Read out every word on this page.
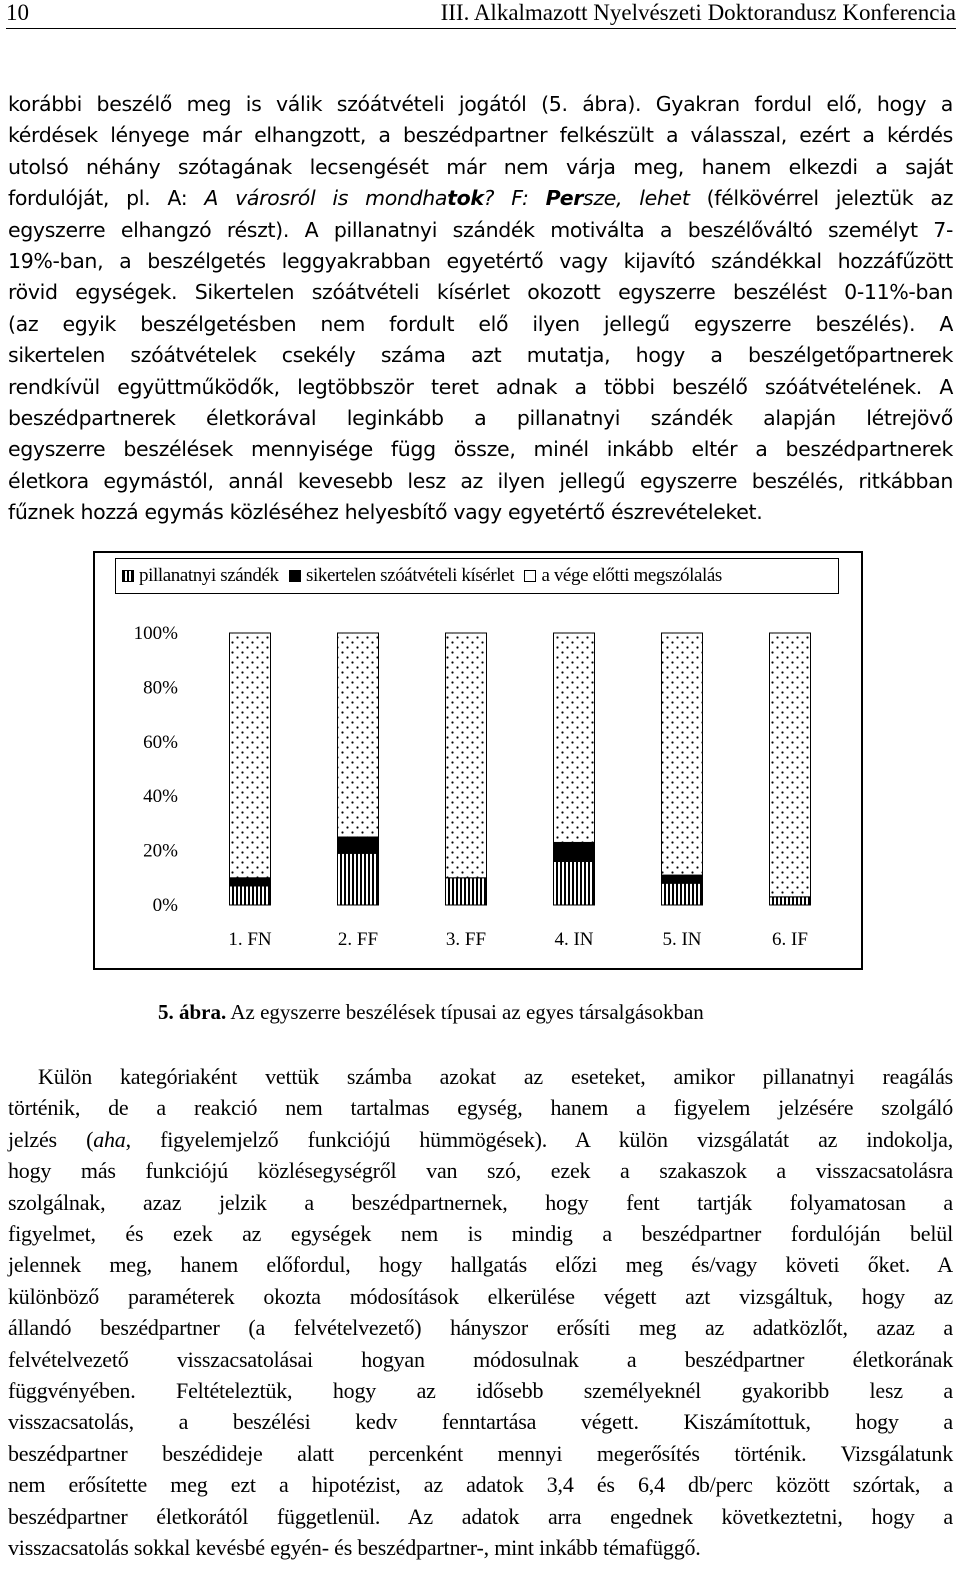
10	III. Alkalmazott Nyelvészeti Doktorandusz Konferencia
korábbi beszélő meg is válik szóátvételi jogától (5. ábra). Gyakran fordul elő, hogy a
kérdések lényege már elhangzott, a beszédpartner felkészült a válasszal, ezért a kérdés
utolsó néhány szótagának lecsengését már nem várja meg, hanem elkezdi a saját
fordulóját, pl. A: A városról is mondhatok? F: Persze, lehet (félkövérrel jeleztük az
egyszerre elhangzó részt). A pillanatnyi szándék motiválta a beszélőváltó személyt 7-
19%-ban, a beszélgetés leggyakrabban egyetértő vagy kijavító szándékkal hozzáfűzött
rövid egységek. Sikertelen szóátvételi kísérlet okozott egyszerre beszélést 0-11%-ban
(az egyik beszélgetésben nem fordult elő ilyen jellegű egyszerre beszélés). A
sikertelen szóátvételek csekély száma azt mutatja, hogy a beszélgetőpartnerek
rendkívül együttműködők, legtöbbször teret adnak a többi beszélő szóátvételének. A
beszédpartnerek életkorával leginkább a pillanatnyi szándék alapján létrejövő
egyszerre beszélések mennyisége függ össze, minél inkább eltér a beszédpartnerek
életkora egymástól, annál kevesebb lesz az ilyen jellegű egyszerre beszélés, ritkábban
fűznek hozzá egymás közléséhez helyesbítő vagy egyetértő észrevételeket.
pillanatnyi szándék sikertelen szóátvételi kísérlet a vége előtti megszólalás
0%
20%
40%
60%
80%
100%
1. FN	2. FF	3. FF	4. IN	5. IN	6. IF
5. ábra. Az egyszerre beszélések típusai az egyes társalgásokban
Külön kategóriaként vettük számba azokat az eseteket, amikor pillanatnyi reagálás
történik, de a reakció nem tartalmas egység, hanem a figyelem jelzésére szolgáló
jelzés (aha, figyelemjelző funkciójú hümmögések). A külön vizsgálatát az indokolja,
hogy más funkciójú közlésegységről van szó, ezek a szakaszok a visszacsatolásra
szolgálnak, azaz jelzik a beszédpartnernek, hogy fent tartják folyamatosan a
figyelmet, és ezek az egységek nem is mindig a beszédpartner fordulóján belül
jelennek meg, hanem előfordul, hogy hallgatás előzi meg és/vagy követi őket. A
különböző paraméterek okozta módosítások elkerülése végett azt vizsgáltuk, hogy az
állandó beszédpartner (a felvételvezető) hányszor erősíti meg az adatközlőt, azaz a
felvételvezető visszacsatolásai hogyan módosulnak a beszédpartner életkorának
függvényében. Feltételeztük, hogy az idősebb személyeknél gyakoribb lesz a
visszacsatolás, a beszélési kedv fenntartása végett. Kiszámítottuk, hogy a
beszédpartner beszédideje alatt percenként mennyi megerősítés történik. Vizsgálatunk
nem erősítette meg ezt a hipotézist, az adatok 3,4 és 6,4 db/perc között szórtak, a
beszédpartner életkorától függetlenül. Az adatok arra engednek következtetni, hogy a
visszacsatolás sokkal kevésbé egyén- és beszédpartner-, mint inkább témafüggő.
